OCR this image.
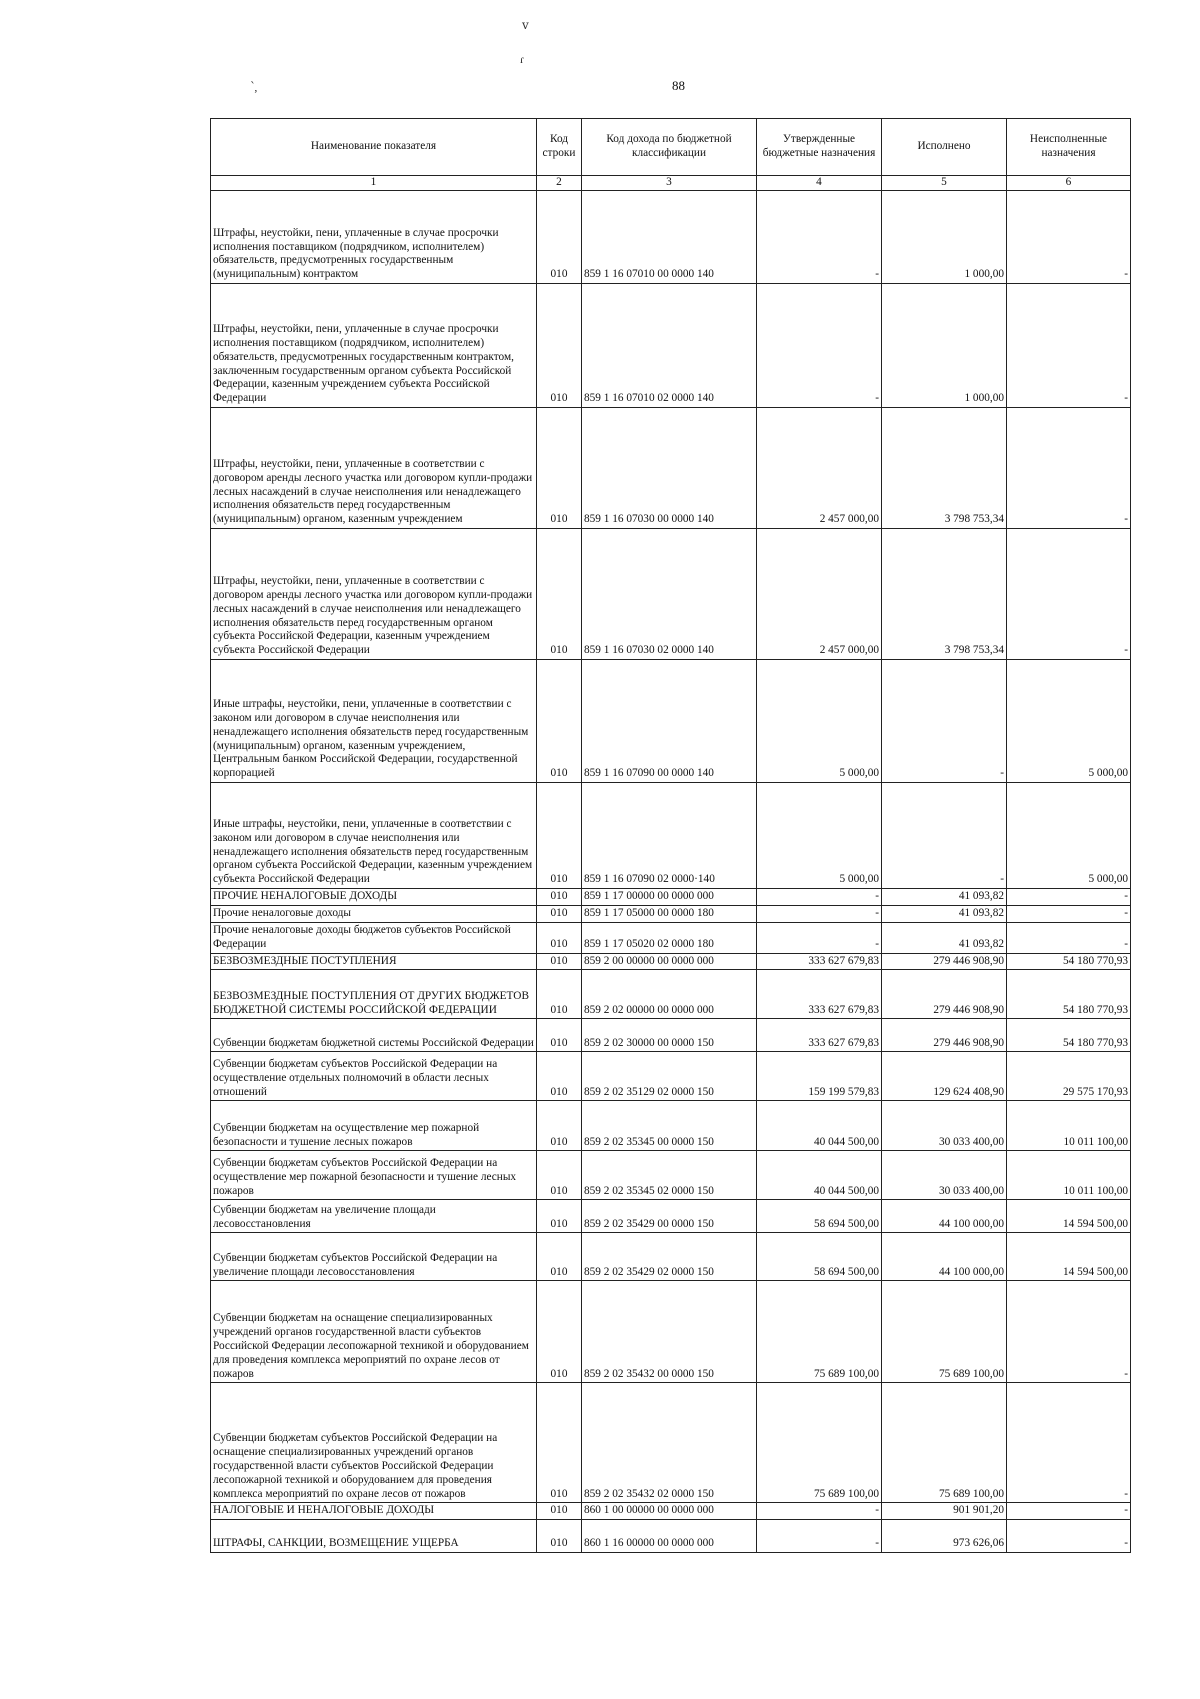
ⅴ
ɾ
՝,	88
Наименование показателя	Код строки	Код дохода по бюджетной классификации	Утвержденные бюджетные назначения	Исполнено	Неисполненные назначения
1	2	3	4	5	6
Штрафы, неустойки, пени, уплаченные в случае просрочки исполнения поставщиком (подрядчиком, исполнителем) обязательств, предусмотренных государственным (муниципальным) контрактом	010	859 1 16 07010 00 0000 140	-	1 000,00	-
Штрафы, неустойки, пени, уплаченные в случае просрочки исполнения поставщиком (подрядчиком, исполнителем) обязательств, предусмотренных государственным контрактом, заключенным государственным органом субъекта Российской Федерации, казенным учреждением субъекта Российской Федерации	010	859 1 16 07010 02 0000 140	-	1 000,00	-
Штрафы, неустойки, пени, уплаченные в соответствии с договором аренды лесного участка или договором купли-продажи лесных насаждений в случае неисполнения или ненадлежащего исполнения обязательств перед государственным (муниципальным) органом, казенным учреждением	010	859 1 16 07030 00 0000 140	2 457 000,00	3 798 753,34	-
Штрафы, неустойки, пени, уплаченные в соответствии с договором аренды лесного участка или договором купли-продажи лесных насаждений в случае неисполнения или ненадлежащего исполнения обязательств перед государственным органом субъекта Российской Федерации, казенным учреждением субъекта Российской Федерации	010	859 1 16 07030 02 0000 140	2 457 000,00	3 798 753,34	-
Иные штрафы, неустойки, пени, уплаченные в соответствии с законом или договором в случае неисполнения или ненадлежащего исполнения обязательств перед государственным (муниципальным) органом, казенным учреждением, Центральным банком Российской Федерации, государственной корпорацией	010	859 1 16 07090 00 0000 140	5 000,00	-	5 000,00
Иные штрафы, неустойки, пени, уплаченные в соответствии с законом или договором в случае неисполнения или ненадлежащего исполнения обязательств перед государственным органом субъекта Российской Федерации, казенным учреждением субъекта Российской Федерации	010	859 1 16 07090 02 0000·140	5 000,00	-	5 000,00
ПРОЧИЕ НЕНАЛОГОВЫЕ ДОХОДЫ	010	859 1 17 00000 00 0000 000	-	41 093,82	-
Прочие неналоговые доходы	010	859 1 17 05000 00 0000 180	-	41 093,82	-
Прочие неналоговые доходы бюджетов субъектов Российской Федерации	010	859 1 17 05020 02 0000 180	-	41 093,82	-
БЕЗВОЗМЕЗДНЫЕ ПОСТУПЛЕНИЯ	010	859 2 00 00000 00 0000 000	333 627 679,83	279 446 908,90	54 180 770,93
БЕЗВОЗМЕЗДНЫЕ ПОСТУПЛЕНИЯ ОТ ДРУГИХ БЮДЖЕТОВ БЮДЖЕТНОЙ СИСТЕМЫ РОССИЙСКОЙ ФЕДЕРАЦИИ	010	859 2 02 00000 00 0000 000	333 627 679,83	279 446 908,90	54 180 770,93
Субвенции бюджетам бюджетной системы Российской Федерации	010	859 2 02 30000 00 0000 150	333 627 679,83	279 446 908,90	54 180 770,93
Субвенции бюджетам субъектов Российской Федерации на осуществление отдельных полномочий в области лесных отношений	010	859 2 02 35129 02 0000 150	159 199 579,83	129 624 408,90	29 575 170,93
Субвенции бюджетам на осуществление мер пожарной безопасности и тушение лесных пожаров	010	859 2 02 35345 00 0000 150	40 044 500,00	30 033 400,00	10 011 100,00
Субвенции бюджетам субъектов Российской Федерации на осуществление мер пожарной безопасности и тушение лесных пожаров	010	859 2 02 35345 02 0000 150	40 044 500,00	30 033 400,00	10 011 100,00
Субвенции бюджетам на увеличение площади лесовосстановления	010	859 2 02 35429 00 0000 150	58 694 500,00	44 100 000,00	14 594 500,00
Субвенции бюджетам субъектов Российской Федерации на увеличение площади лесовосстановления	010	859 2 02 35429 02 0000 150	58 694 500,00	44 100 000,00	14 594 500,00
Субвенции бюджетам на оснащение специализированных учреждений органов государственной власти субъектов Российской Федерации лесопожарной техникой и оборудованием для проведения комплекса мероприятий по охране лесов от пожаров	010	859 2 02 35432 00 0000 150	75 689 100,00	75 689 100,00	-
Субвенции бюджетам субъектов Российской Федерации на оснащение специализированных учреждений органов государственной власти субъектов Российской Федерации лесопожарной техникой и оборудованием для проведения комплекса мероприятий по охране лесов от пожаров	010	859 2 02 35432 02 0000 150	75 689 100,00	75 689 100,00	-
НАЛОГОВЫЕ И НЕНАЛОГОВЫЕ ДОХОДЫ	010	860 1 00 00000 00 0000 000	-	901 901,20	-
ШТРАФЫ, САНКЦИИ, ВОЗМЕЩЕНИЕ УЩЕРБА	010	860 1 16 00000 00 0000 000	-	973 626,06	-
